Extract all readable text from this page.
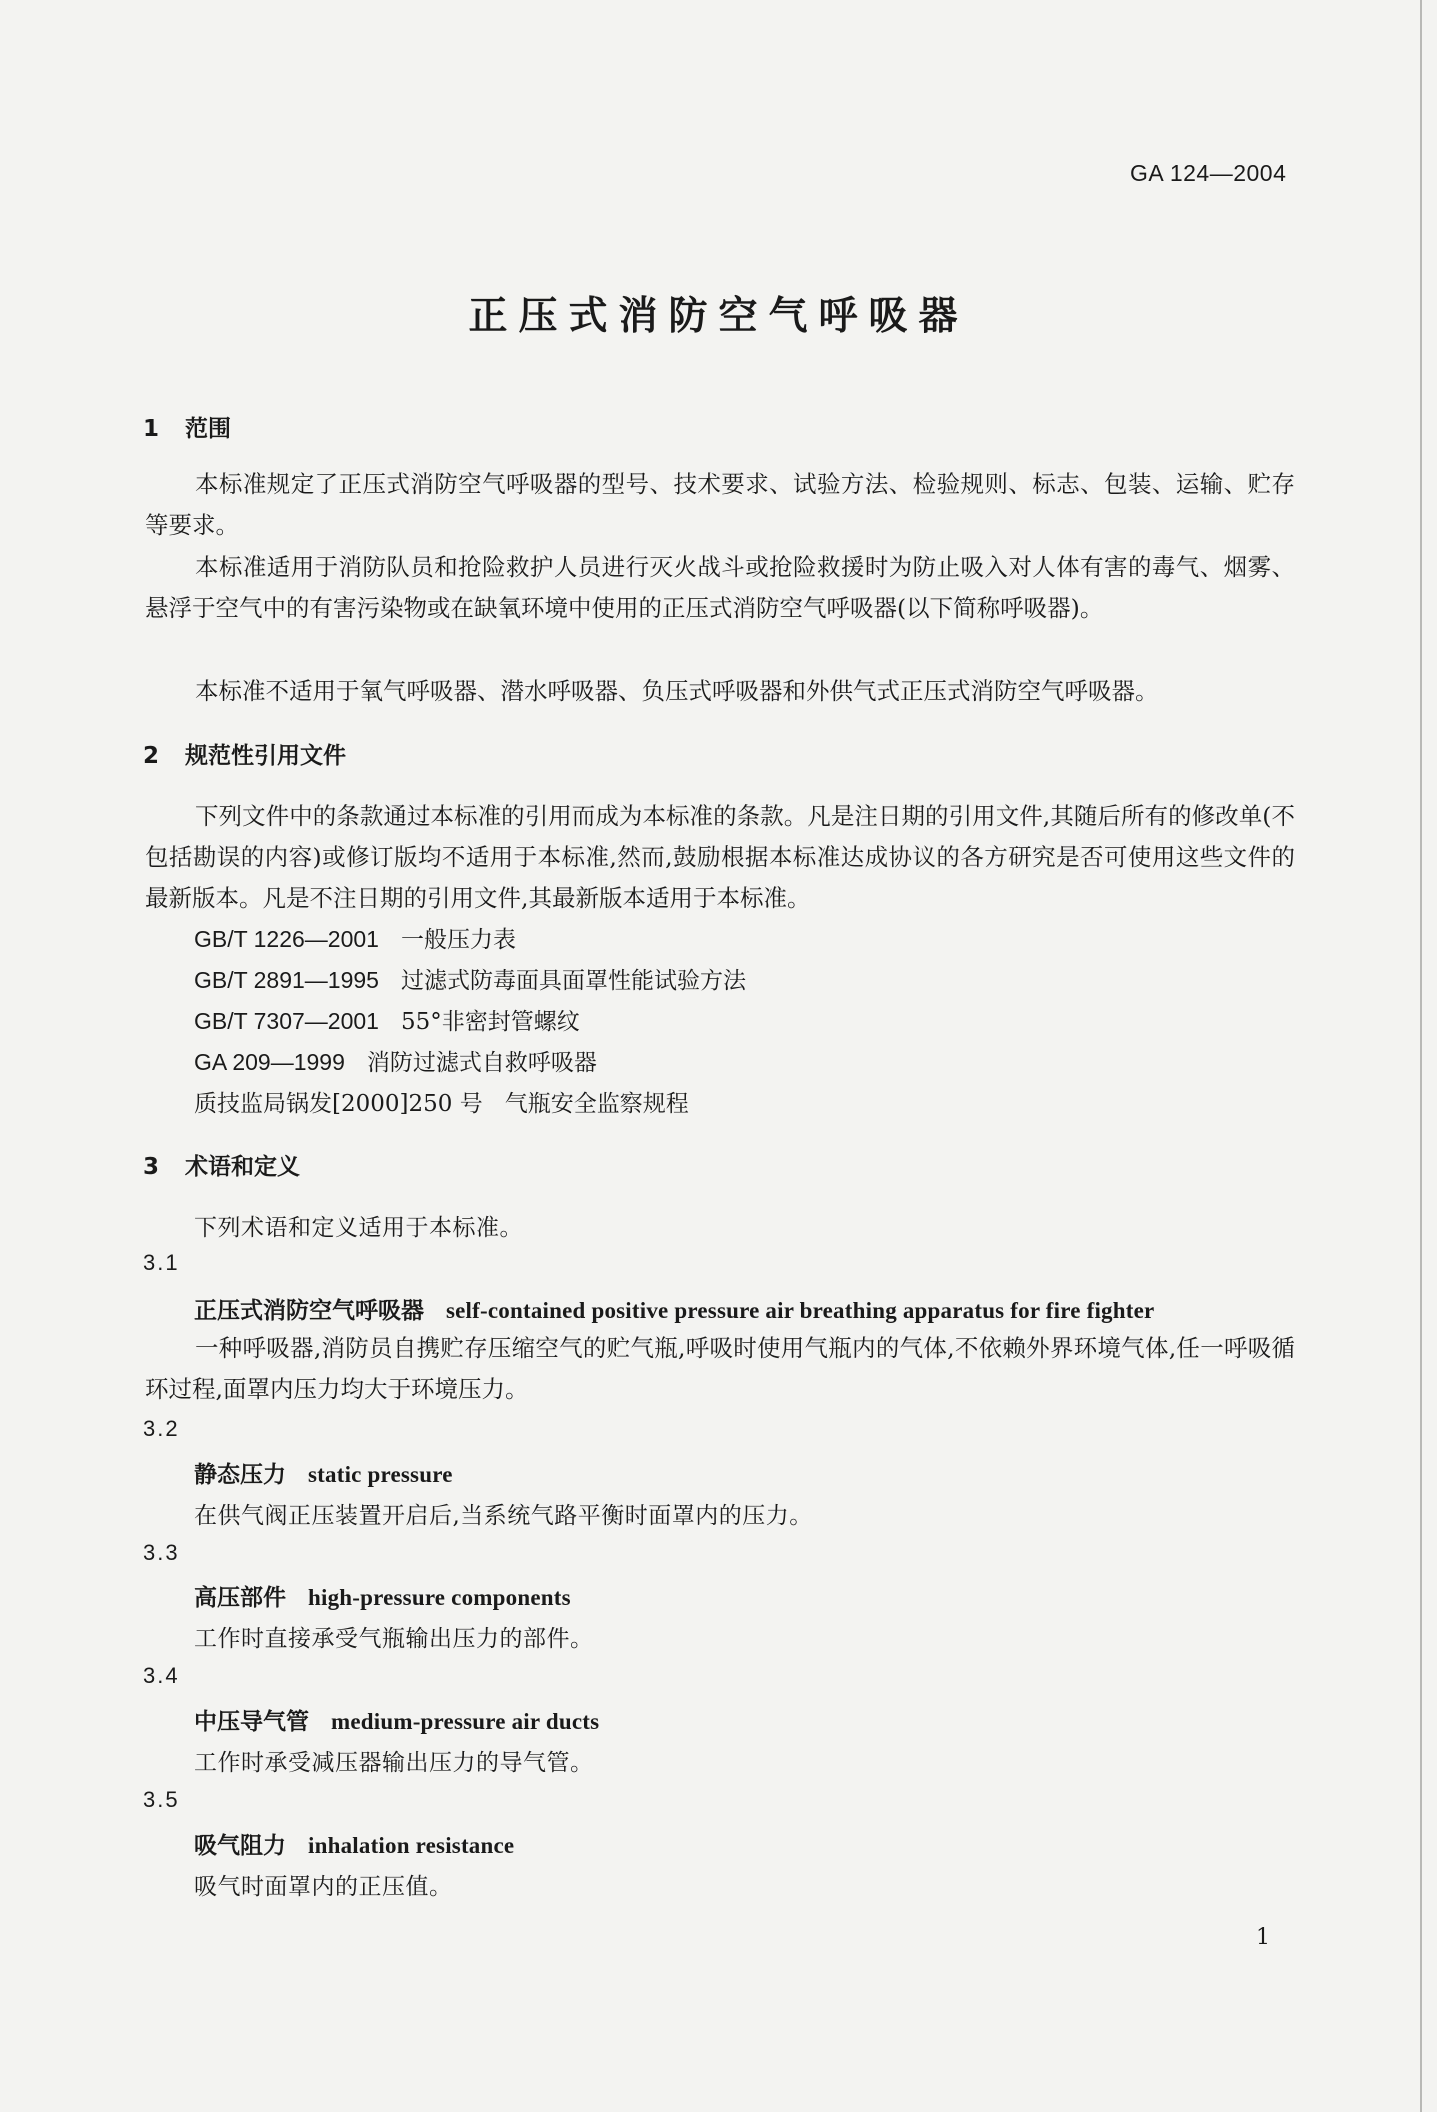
GA 124—2004
正压式消防空气呼吸器
1 范围
本标准规定了正压式消防空气呼吸器的型号、技术要求、试验方法、检验规则、标志、包装、运输、贮存等要求。
本标准适用于消防队员和抢险救护人员进行灭火战斗或抢险救援时为防止吸入对人体有害的毒气、烟雾、悬浮于空气中的有害污染物或在缺氧环境中使用的正压式消防空气呼吸器(以下简称呼吸器)。
本标准不适用于氧气呼吸器、潜水呼吸器、负压式呼吸器和外供气式正压式消防空气呼吸器。
2 规范性引用文件
下列文件中的条款通过本标准的引用而成为本标准的条款。凡是注日期的引用文件,其随后所有的修改单(不包括勘误的内容)或修订版均不适用于本标准,然而,鼓励根据本标准达成协议的各方研究是否可使用这些文件的最新版本。凡是不注日期的引用文件,其最新版本适用于本标准。
GB/T 1226—2001 一般压力表
GB/T 2891—1995 过滤式防毒面具面罩性能试验方法
GB/T 7307—2001 55°非密封管螺纹
GA 209—1999 消防过滤式自救呼吸器
质技监局锅发[2000]250 号 气瓶安全监察规程
3 术语和定义
下列术语和定义适用于本标准。
3.1
正压式消防空气呼吸器 self-contained positive pressure air breathing apparatus for fire fighter
一种呼吸器,消防员自携贮存压缩空气的贮气瓶,呼吸时使用气瓶内的气体,不依赖外界环境气体,任一呼吸循环过程,面罩内压力均大于环境压力。
3.2
静态压力 static pressure
在供气阀正压装置开启后,当系统气路平衡时面罩内的压力。
3.3
高压部件 high-pressure components
工作时直接承受气瓶输出压力的部件。
3.4
中压导气管 medium-pressure air ducts
工作时承受减压器输出压力的导气管。
3.5
吸气阻力 inhalation resistance
吸气时面罩内的正压值。
1
